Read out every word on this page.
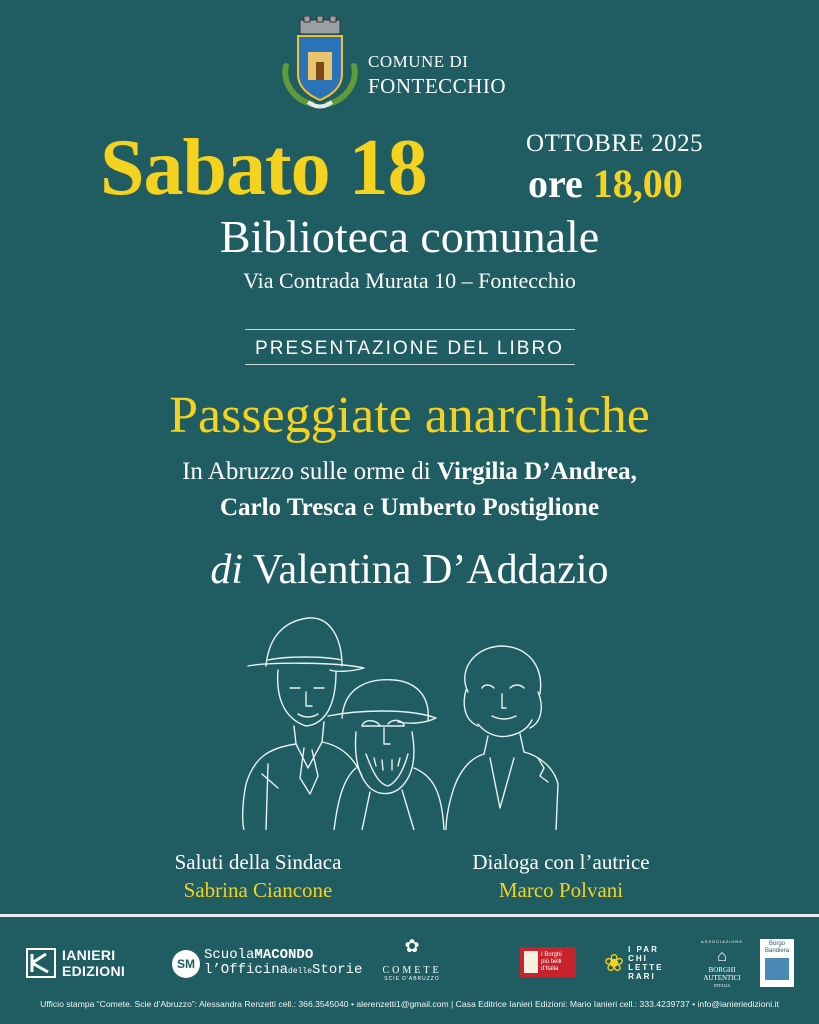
COMUNE DI
FONTECCHIO
Sabato 18	OTTOBRE 2025
ore 18,00
Biblioteca comunale
Via Contrada Murata 10 – Fontecchio
PRESENTAZIONE DEL LIBRO
Passeggiate anarchiche
In Abruzzo sulle orme di Virgilia D’Andrea,
Carlo Tresca e Umberto Postiglione
di Valentina D’Addazio
Saluti della Sindaca
Sabrina Ciancone
Dialoga con l’autrice
Marco Polvani
IANIERI
EDIZIONI	SM
ScuolaMACONDO
l’OfficinadelleStorie
✿
COMETE
SCIE D'ABRUZZO
I Borghi
più belli
d’Italia ❀ I PAR
CHI
LETTE
RARI
ASSOCIAZIONE
⌂
BORGHI
AUTENTICI
D'ITALIA
Borgo
Bandiera
Ufficio stampa “Comete. Scie d’Abruzzo”: Alessandra Renzetti cell.: 366.3545040 • alerenzetti1@gmail.com | Casa Editrice Ianieri Edizioni: Mario Ianieri cell.: 333.4239737 • info@ianieriedizioni.it
